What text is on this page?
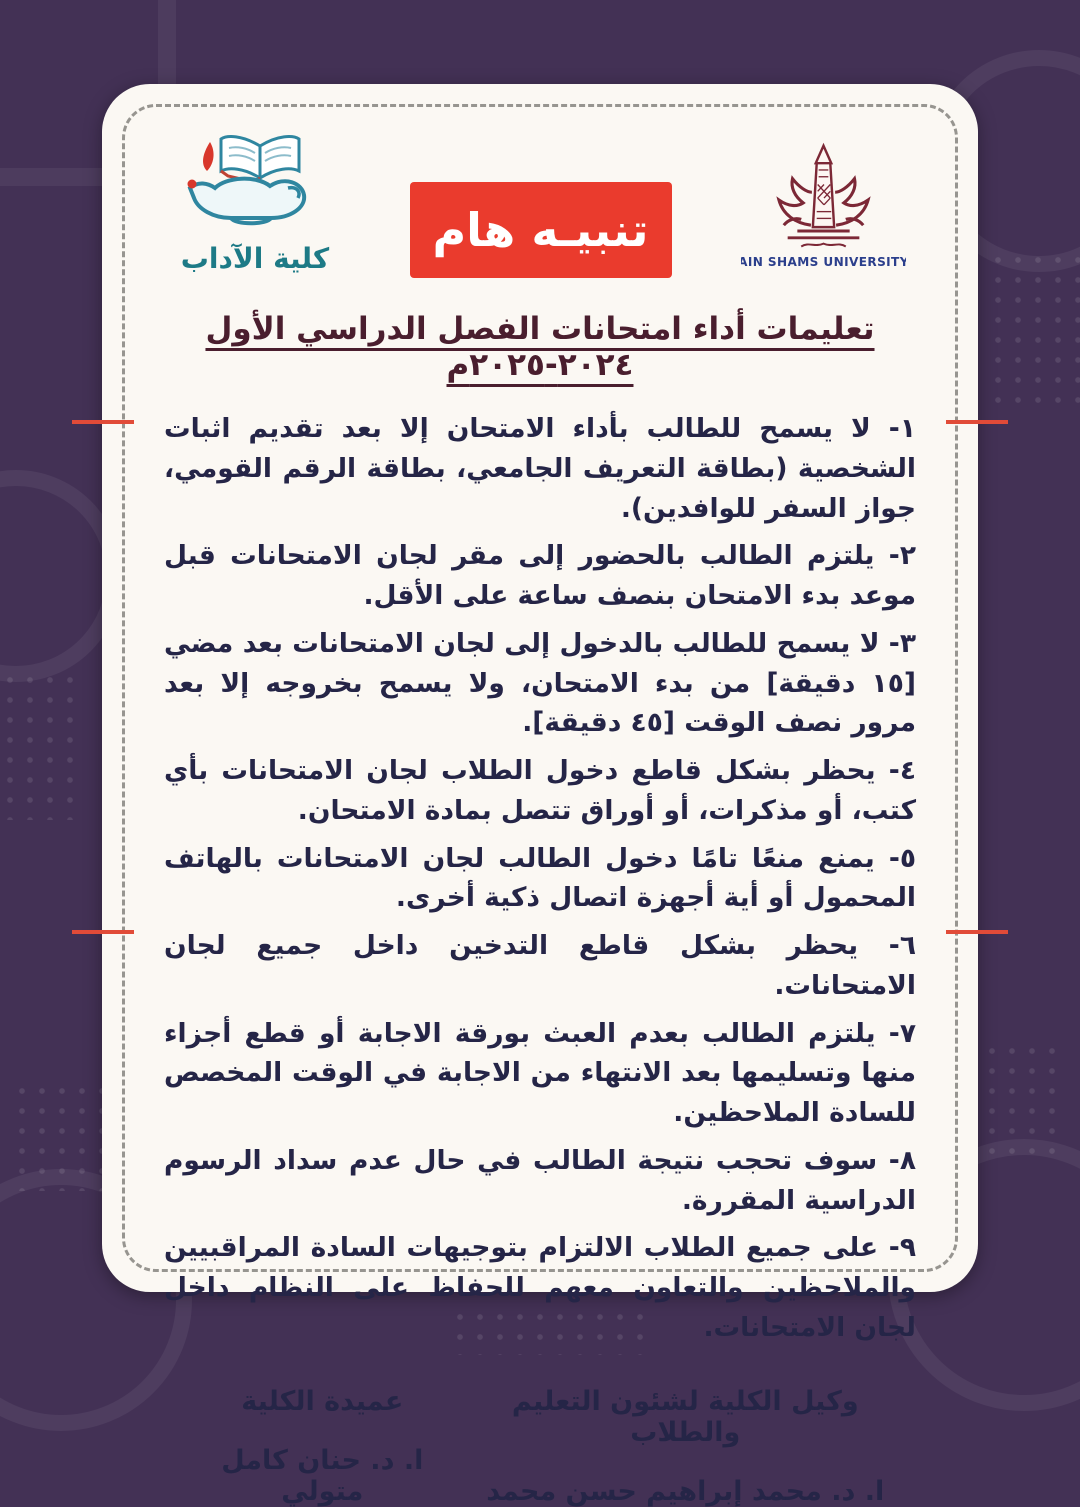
كلية الآداب
تنبيـه هام
AIN SHAMS UNIVERSITY
تعليمات أداء امتحانات الفصل الدراسي الأول ٢٠٢٤-٢٠٢٥م
١- لا يسمح للطالب بأداء الامتحان إلا بعد تقديم اثبات الشخصية (بطاقة التعريف الجامعي، بطاقة الرقم القومي، جواز السفر للوافدين).
٢- يلتزم الطالب بالحضور إلى مقر لجان الامتحانات قبل موعد بدء الامتحان بنصف ساعة على الأقل.
٣- لا يسمح للطالب بالدخول إلى لجان الامتحانات بعد مضي [١٥ دقيقة] من بدء الامتحان، ولا يسمح بخروجه إلا بعد مرور نصف الوقت [٤٥ دقيقة].
٤- يحظر بشكل قاطع دخول الطلاب لجان الامتحانات بأي كتب، أو مذكرات، أو أوراق تتصل بمادة الامتحان.
٥- يمنع منعًا تامًا دخول الطالب لجان الامتحانات بالهاتف المحمول أو أية أجهزة اتصال ذكية أخرى.
٦- يحظر بشكل قاطع التدخين داخل جميع لجان الامتحانات.
٧- يلتزم الطالب بعدم العبث بورقة الاجابة أو قطع أجزاء منها وتسليمها بعد الانتهاء من الاجابة في الوقت المخصص للسادة الملاحظين.
٨- سوف تحجب نتيجة الطالب في حال عدم سداد الرسوم الدراسية المقررة.
٩- على جميع الطلاب الالتزام بتوجيهات السادة المراقبيين والملاحظين والتعاون معهم للحفاظ على النظام داخل لجان الامتحانات.
وكيل الكلية لشئون التعليم والطلاب
ا. د. محمد إبراهيم حسن محمد
عميدة الكلية
ا. د. حنان كامل متولي
